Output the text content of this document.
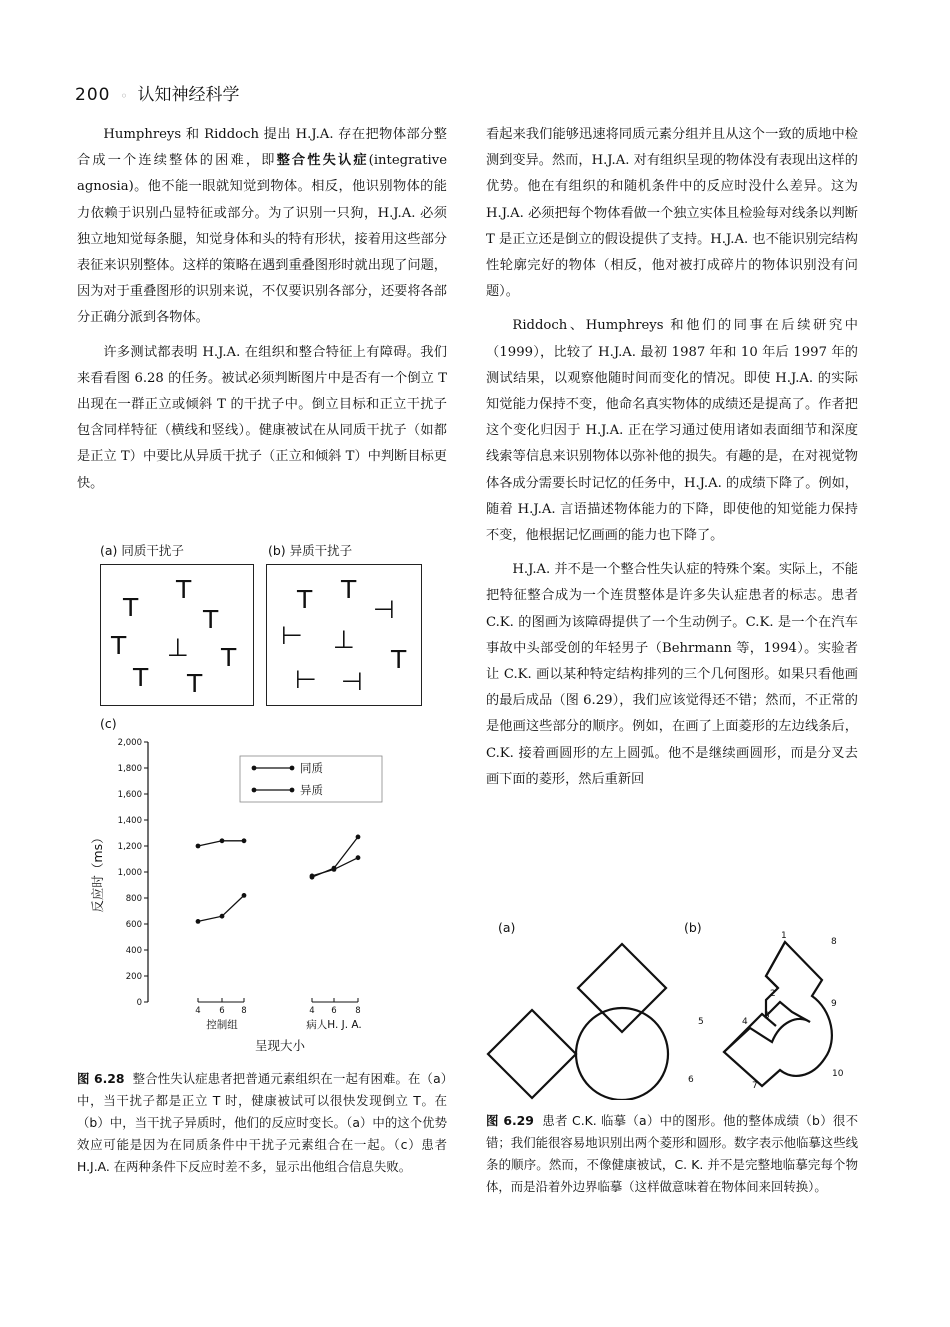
200 ◦ 认知神经科学

Humphreys 和 Riddoch 提出 H.J.A. 存在把物体部分整合成一个连续整体的困难，即整合性失认症(integrative agnosia)。他不能一眼就知觉到物体。相反，他识别物体的能力依赖于识别凸显特征或部分。为了识别一只狗，H.J.A. 必须独立地知觉每条腿，知觉身体和头的特有形状，接着用这些部分表征来识别整体。这样的策略在遇到重叠图形时就出现了问题，因为对于重叠图形的识别来说，不仅要识别各部分，还要将各部分正确分派到各物体。

许多测试都表明 H.J.A. 在组织和整合特征上有障碍。我们来看看图 6.28 的任务。被试必须判断图片中是否有一个倒立 T 出现在一群正立或倾斜 T 的干扰子中。倒立目标和正立干扰子包含同样特征（横线和竖线）。健康被试在从同质干扰子（如都是正立 T）中要比从异质干扰子（正立和倾斜 T）中判断目标更快。

看起来我们能够迅速将同质元素分组并且从这个一致的质地中检测到变异。然而，H.J.A. 对有组织呈现的物体没有表现出这样的优势。他在有组织的和随机条件中的反应时没什么差异。这为 H.J.A. 必须把每个物体看做一个独立实体且检验每对线条以判断 T 是正立还是倒立的假设提供了支持。H.J.A. 也不能识别完结构性轮廓完好的物体（相反，他对被打成碎片的物体识别没有问题）。

Riddoch、Humphreys 和他们的同事在后续研究中（1999），比较了 H.J.A. 最初 1987 年和 10 年后 1997 年的测试结果，以观察他随时间而变化的情况。即使 H.J.A. 的实际知觉能力保持不变，他命名真实物体的成绩还是提高了。作者把这个变化归因于 H.J.A. 正在学习通过使用诸如表面细节和深度线索等信息来识别物体以弥补他的损失。有趣的是，在对视觉物体各成分需要长时记忆的任务中，H.J.A. 的成绩下降了。例如，随着 H.J.A. 言语描述物体能力的下降，即使他的知觉能力保持不变，他根据记忆画画的能力也下降了。

H.J.A. 并不是一个整合性失认症的特殊个案。实际上，不能把特征整合成为一个连贯整体是许多失认症患者的标志。患者 C.K. 的图画为该障碍提供了一个生动例子。C.K. 是一个在汽车事故中头部受创的年轻男子（Behrmann 等，1994）。实验者让 C.K. 画以某种特定结构排列的三个几何图形。如果只看他画的最后成品（图 6.29），我们应该觉得还不错；然而，不正常的是他画这些部分的顺序。例如，在画了上面菱形的左边线条后，C.K. 接着画圆形的左上圆弧。他不是继续画圆形，而是分叉去画下面的菱形，然后重新回

(a) 同质干扰子	(b) 异质干扰子
T
T	T
T ⊥ T
T T
T
T ⊣
⊢ ⊥
T
⊢ ⊣
(c)
0
200
400
600
800
1,000
1,200
1,400
1,600
1,800
2,000
反应时（ms）
4 6 8
控制组
4 6 8
病人H. J. A.
呈现大小
同质
异质
图 6.28 整合性失认症患者把普通元素组织在一起有困难。在（a）中，当干扰子都是正立 T 时，健康被试可以很快发现倒立 T。在（b）中，当干扰子异质时，他们的反应时变长。（a）中的这个优势效应可能是因为在同质条件中干扰子元素组合在一起。（c）患者 H.J.A. 在两种条件下反应时差不多，显示出他组合信息失败。
(a)	(b)
1
8
2
9
3
4
5
10
6
7
图 6.29 患者 C.K. 临摹（a）中的图形。他的整体成绩（b）很不错；我们能很容易地识别出两个菱形和圆形。数字表示他临摹这些线条的顺序。然而，不像健康被试，C. K. 并不是完整地临摹完每个物体，而是沿着外边界临摹（这样做意味着在物体间来回转换）。
